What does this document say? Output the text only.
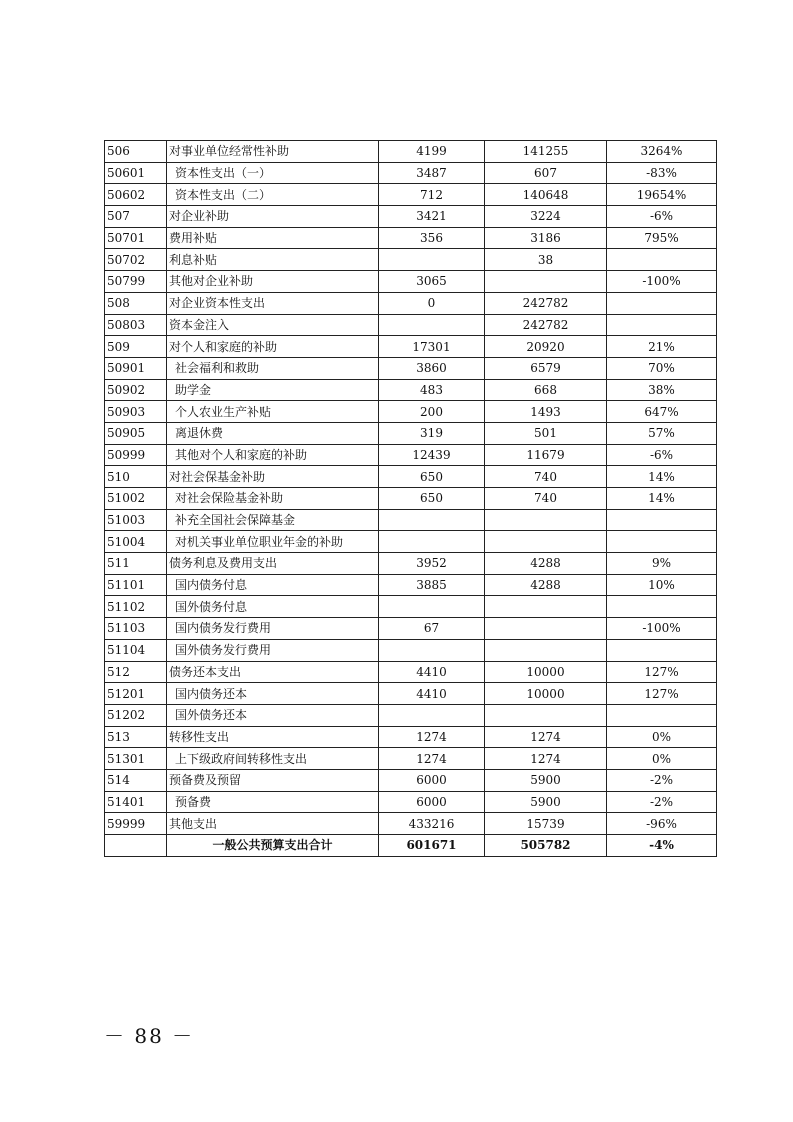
506	对事业单位经常性补助	4199	141255	3264%
50601	资本性支出（一）	3487	607	-83%
50602	资本性支出（二）	712	140648	19654%
507	对企业补助	3421	3224	-6%
50701	费用补贴	356	3186	795%
50702	利息补贴		38	
50799	其他对企业补助	3065		-100%
508	对企业资本性支出	0	242782	
50803	资本金注入		242782	
509	对个人和家庭的补助	17301	20920	21%
50901	社会福利和救助	3860	6579	70%
50902	助学金	483	668	38%
50903	个人农业生产补贴	200	1493	647%
50905	离退休费	319	501	57%
50999	其他对个人和家庭的补助	12439	11679	-6%
510	对社会保基金补助	650	740	14%
51002	对社会保险基金补助	650	740	14%
51003	补充全国社会保障基金			
51004	对机关事业单位职业年金的补助			
511	债务利息及费用支出	3952	4288	9%
51101	国内债务付息	3885	4288	10%
51102	国外债务付息			
51103	国内债务发行费用	67		-100%
51104	国外债务发行费用			
512	债务还本支出	4410	10000	127%
51201	国内债务还本	4410	10000	127%
51202	国外债务还本			
513	转移性支出	1274	1274	0%
51301	上下级政府间转移性支出	1274	1274	0%
514	预备费及预留	6000	5900	-2%
51401	预备费	6000	5900	-2%
59999	其他支出	433216	15739	-96%
	一般公共预算支出合计	601671	505782	-4%
－ 88 －
